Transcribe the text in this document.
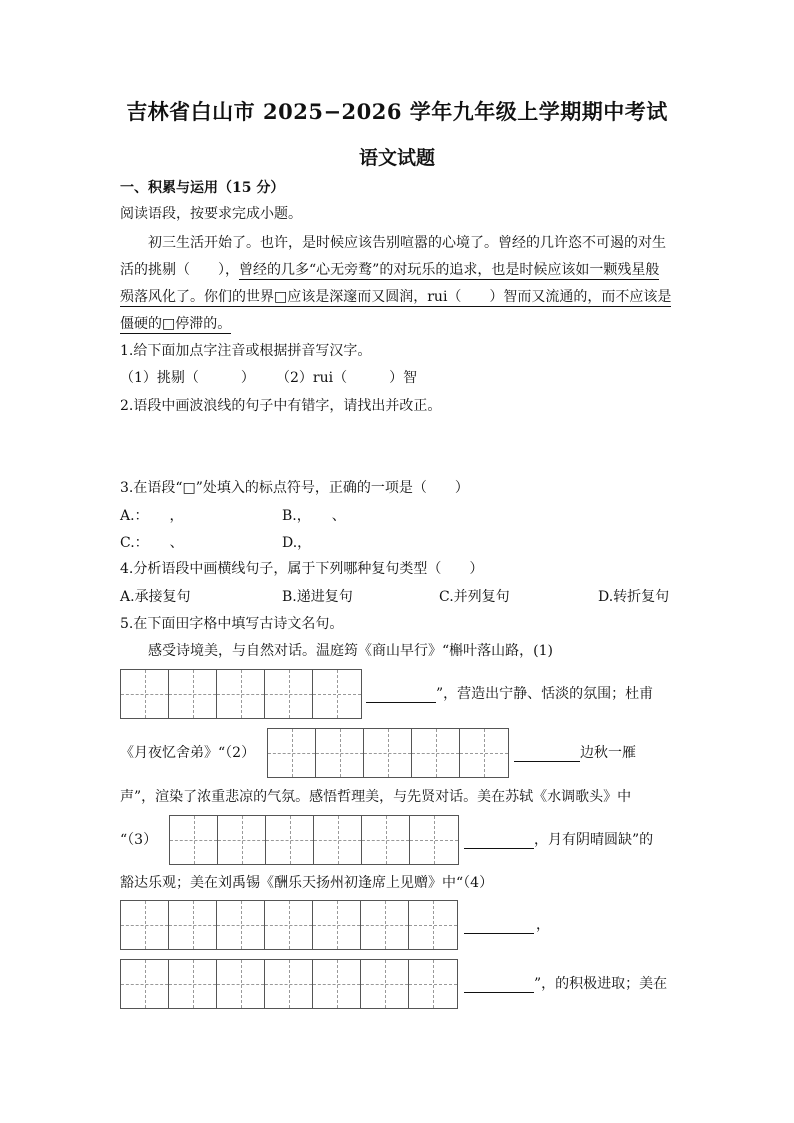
吉林省白山市 2025−2026 学年九年级上学期期中考试
语文试题
一、积累与运用（15 分）
阅读语段，按要求完成小题。
初三生活开始了。也许，是时候应该告别喧嚣的心境了。曾经的几许恣不可遏的对生
活的挑剔（　　），曾经的几多“心无旁鹜”的对玩乐的追求，也是时候应该如一颗残星般
殒落风化了。你们的世界□应该是深邃而又圆润，rui（　　）智而又流通的，而不应该是
僵硬的□停滞的。
1.给下面加点字注音或根据拼音写汉字。
（1）挑剔（　　　） （2）rui（　　　）智
2.语段中画波浪线的句子中有错字，请找出并改正。
3.在语段“□”处填入的标点符号，正确的一项是（　　）
A.：　　，	B.，　　、
C.：　　、	D.，
4.分析语段中画横线句子，属于下列哪种复句类型（　　）
A.承接复句	B.递进复句	C.并列复句	D.转折复句
5.在下面田字格中填写古诗文名句。
感受诗境美，与自然对话。温庭筠《商山早行》“槲叶落山路，(1)
”，营造出宁静、恬淡的氛围；杜甫
《月夜忆舍弟》“（2）	边秋一雁
声”，渲染了浓重悲凉的气氛。感悟哲理美，与先贤对话。美在苏轼《水调歌头》中
“（3）	，月有阴晴圆缺”的
豁达乐观；美在刘禹锡《酬乐天扬州初逢席上见赠》中“（4）
，
”，的积极进取；美在
